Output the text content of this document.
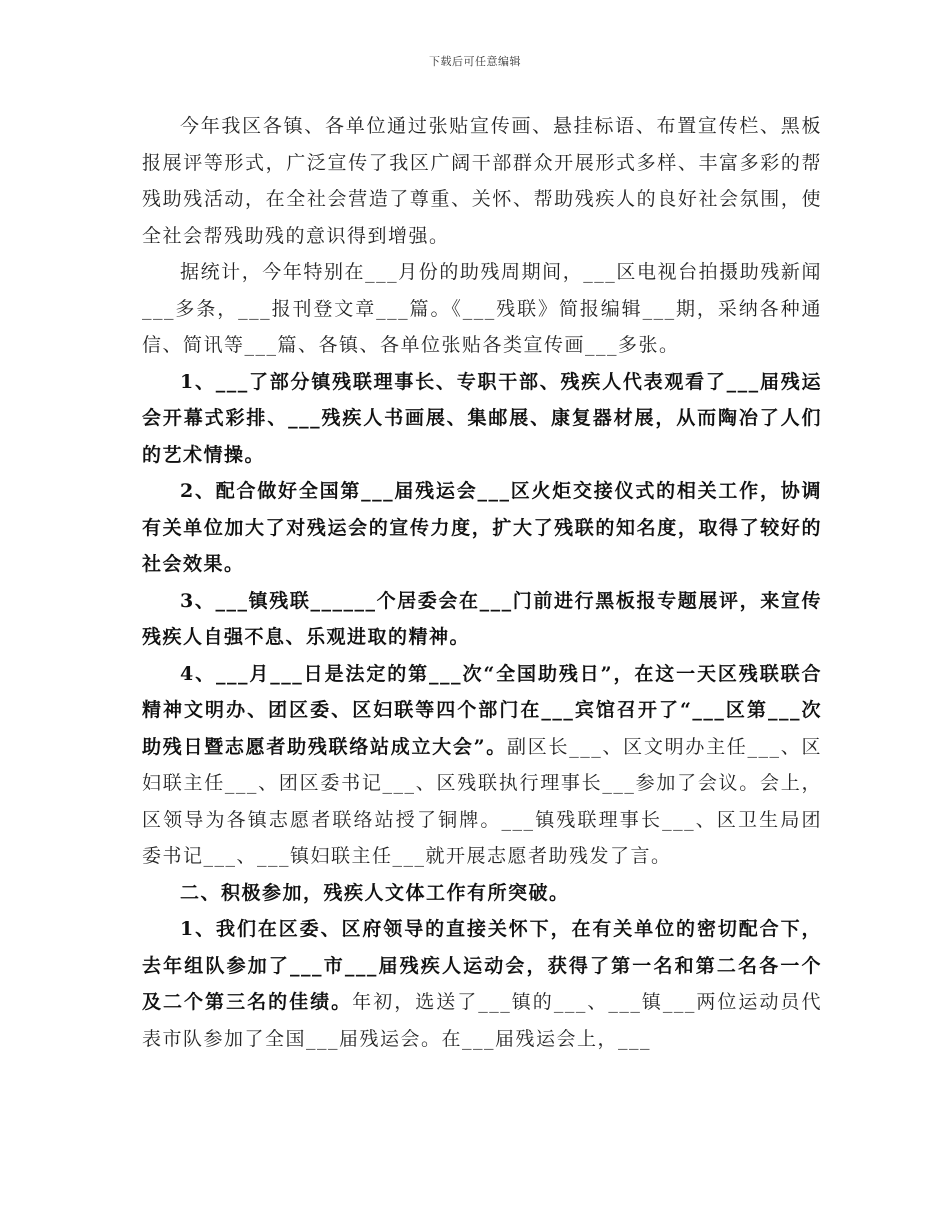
下载后可任意编辑

今年我区各镇、各单位通过张贴宣传画、悬挂标语、布置宣传栏、黑板报展评等形式，广泛宣传了我区广阔干部群众开展形式多样、丰富多彩的帮残助残活动，在全社会营造了尊重、关怀、帮助残疾人的良好社会氛围，使全社会帮残助残的意识得到增强。

据统计，今年特别在___月份的助残周期间，___区电视台拍摄助残新闻___多条，___报刊登文章___篇。《___残联》简报编辑___期，采纳各种通信、简讯等___篇、各镇、各单位张贴各类宣传画___多张。

1、___了部分镇残联理事长、专职干部、残疾人代表观看了___届残运会开幕式彩排、___残疾人书画展、集邮展、康复器材展，从而陶冶了人们的艺术情操。

2、配合做好全国第___届残运会___区火炬交接仪式的相关工作，协调有关单位加大了对残运会的宣传力度，扩大了残联的知名度，取得了较好的社会效果。

3、___镇残联______个居委会在___门前进行黑板报专题展评，来宣传残疾人自强不息、乐观进取的精神。

4、___月___日是法定的第___次“全国助残日”，在这一天区残联联合精神文明办、团区委、区妇联等四个部门在___宾馆召开了“___区第___次助残日暨志愿者助残联络站成立大会”。副区长___、区文明办主任___、区妇联主任___、团区委书记___、区残联执行理事长___参加了会议。会上，区领导为各镇志愿者联络站授了铜牌。___镇残联理事长___、区卫生局团委书记___、___镇妇联主任___就开展志愿者助残发了言。

二、积极参加，残疾人文体工作有所突破。

1、我们在区委、区府领导的直接关怀下，在有关单位的密切配合下，去年组队参加了___市___届残疾人运动会，获得了第一名和第二名各一个及二个第三名的佳绩。年初，选送了___镇的___、___镇___两位运动员代表市队参加了全国___届残运会。在___届残运会上，___
